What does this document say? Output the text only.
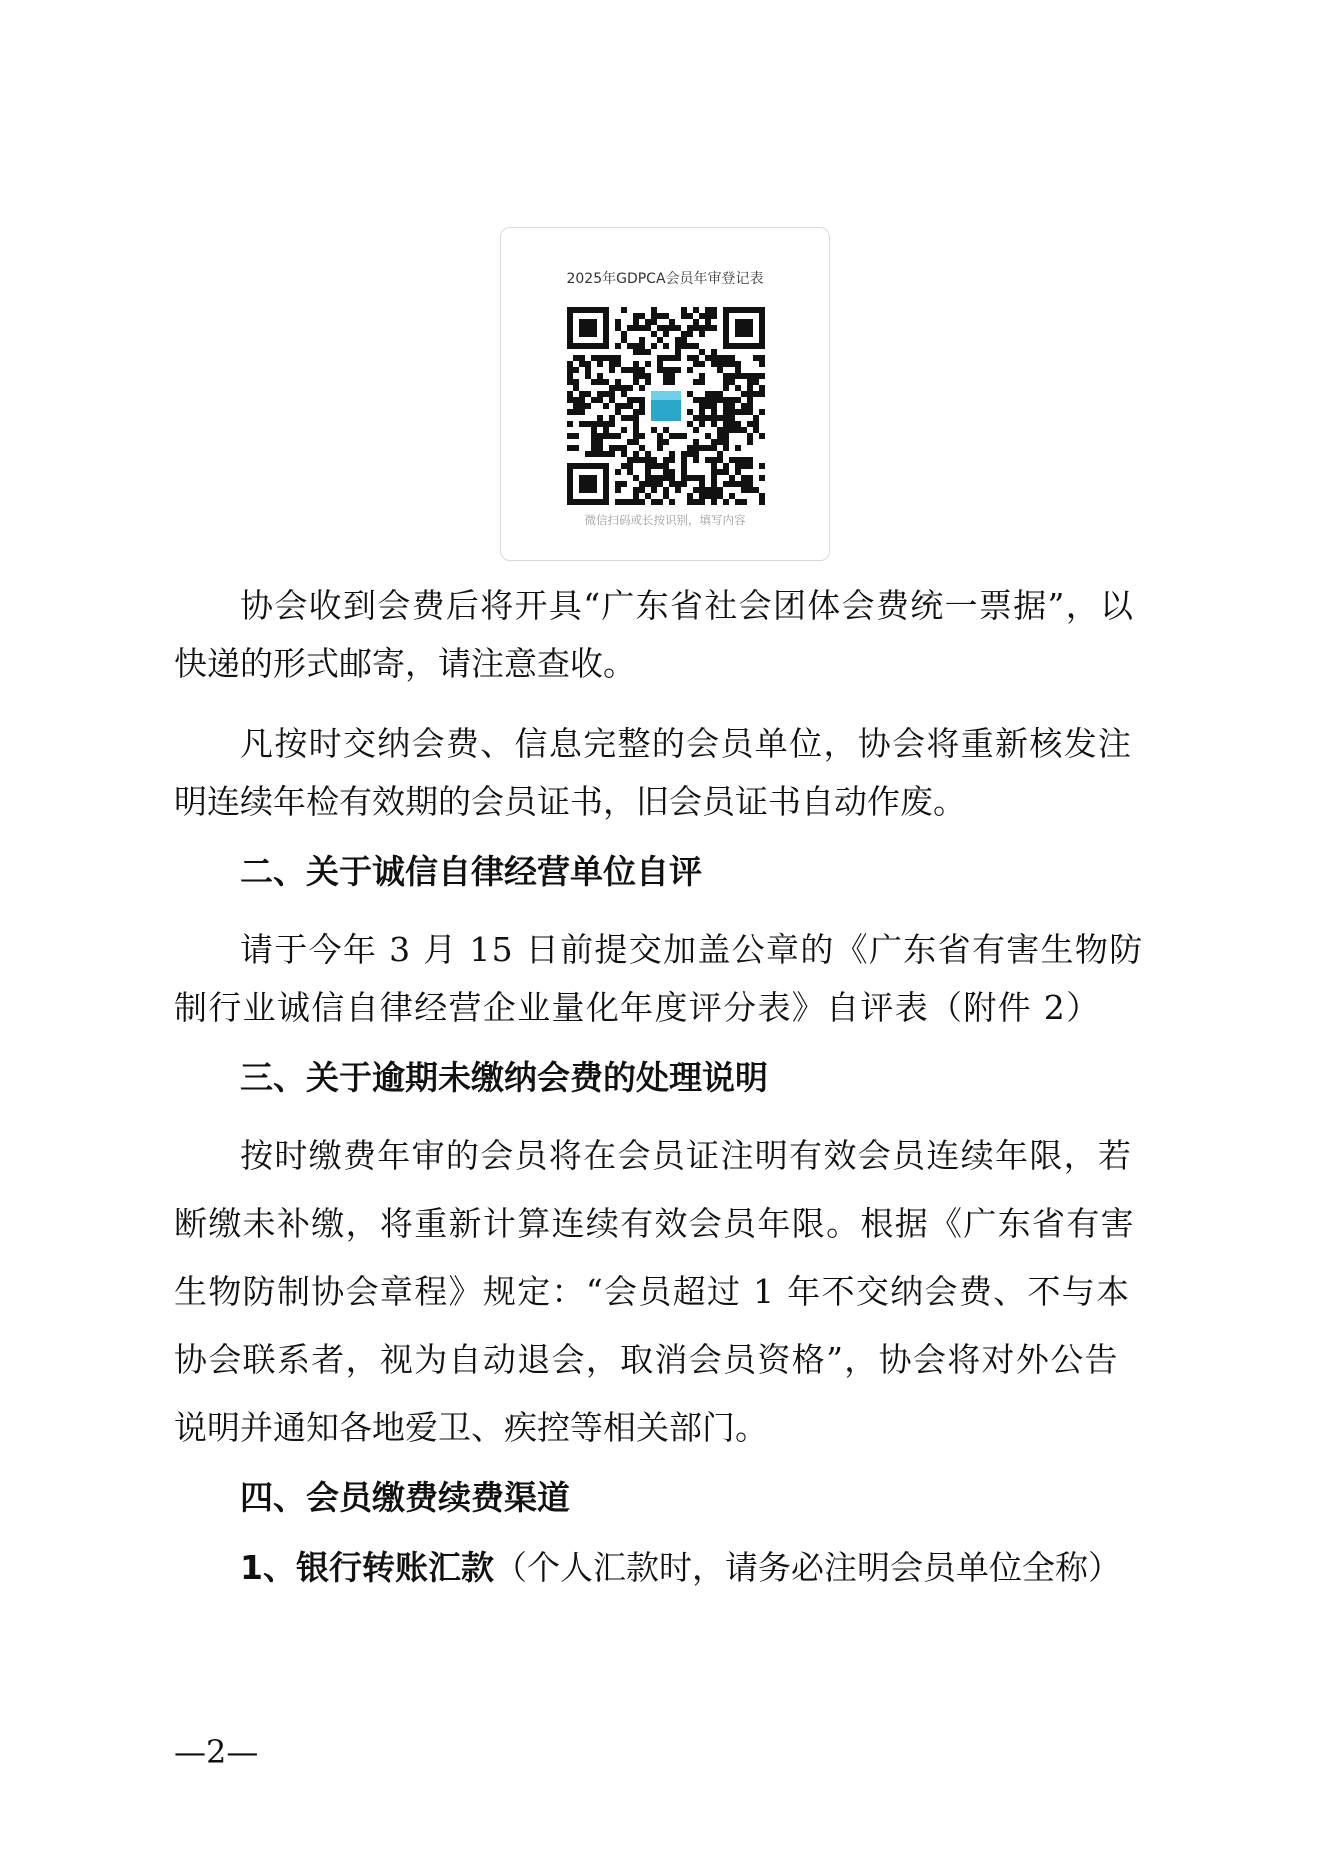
2025年GDPCA会员年审登记表
微信扫码或长按识别，填写内容
协会收到会费后将开具“广东省社会团体会费统一票据”，以
快递的形式邮寄，请注意查收。
凡按时交纳会费、信息完整的会员单位，协会将重新核发注
明连续年检有效期的会员证书，旧会员证书自动作废。
二、关于诚信自律经营单位自评
请于今年 3 月 15 日前提交加盖公章的《广东省有害生物防
制行业诚信自律经营企业量化年度评分表》自评表（附件 2）
三、关于逾期未缴纳会费的处理说明
按时缴费年审的会员将在会员证注明有效会员连续年限，若
断缴未补缴，将重新计算连续有效会员年限。根据《广东省有害
生物防制协会章程》规定：“会员超过 1 年不交纳会费、不与本
协会联系者，视为自动退会，取消会员资格”，协会将对外公告
说明并通知各地爱卫、疾控等相关部门。
四、会员缴费续费渠道
1、银行转账汇款（个人汇款时，请务必注明会员单位全称）
—2—
